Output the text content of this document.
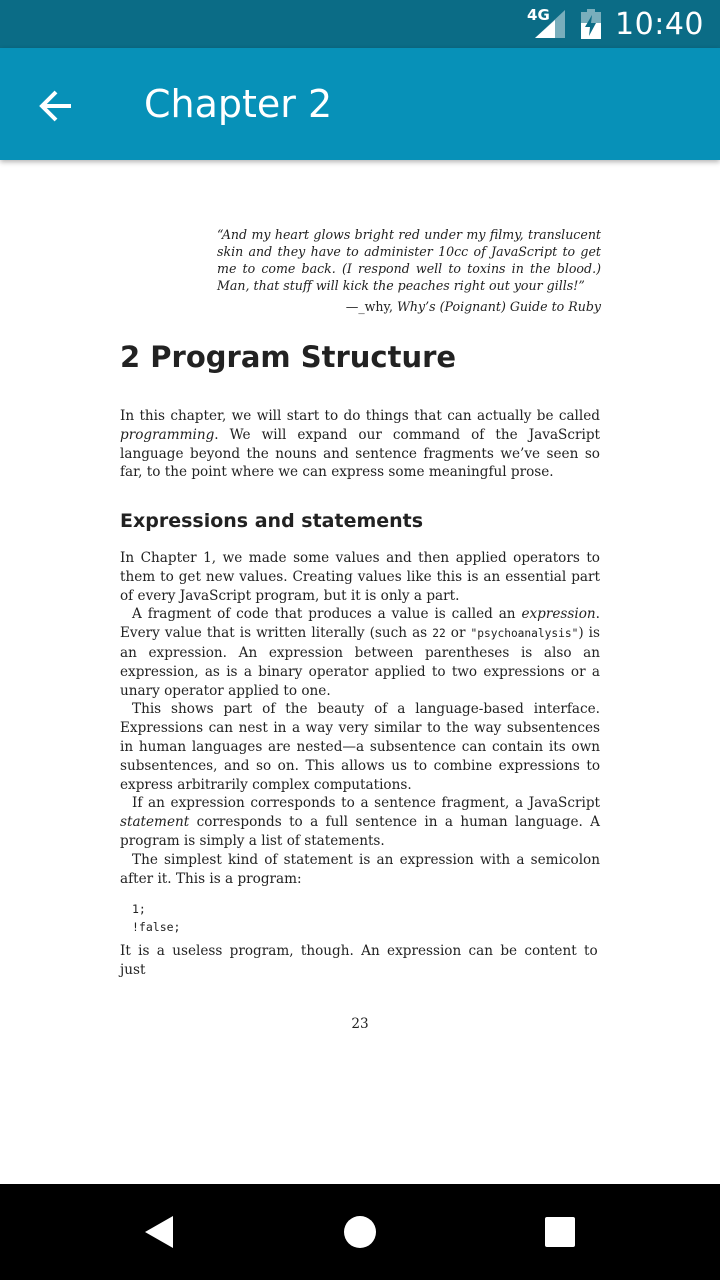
4G 10:40
Chapter 2
“And my heart glows bright red under my filmy, translucent skin and they have to administer 10cc of JavaScript to get me to come back. (I respond well to toxins in the blood.) Man, that stuff will kick the peaches right out your gills!”
—_why, Why’s (Poignant) Guide to Ruby
2 Program Structure

In this chapter, we will start to do things that can actually be called programming. We will expand our command of the JavaScript language beyond the nouns and sentence fragments we’ve seen so far, to the point where we can express some meaningful prose.

Expressions and statements

In Chapter 1, we made some values and then applied operators to them to get new values. Creating values like this is an essential part of every JavaScript program, but it is only a part.

A fragment of code that produces a value is called an expression. Every value that is written literally (such as 22 or "psychoanalysis") is an expression. An expression between parentheses is also an expression, as is a binary operator applied to two expressions or a unary operator applied to one.

This shows part of the beauty of a language-based interface. Expressions can nest in a way very similar to the way subsentences in human languages are nested—a subsentence can contain its own subsentences, and so on. This allows us to combine expressions to express arbitrarily complex computations.

If an expression corresponds to a sentence fragment, a JavaScript statement corresponds to a full sentence in a human language. A program is simply a list of statements.

The simplest kind of statement is an expression with a semicolon after it. This is a program:

1;
!false;

It is a useless program, though. An expression can be content to just

23
